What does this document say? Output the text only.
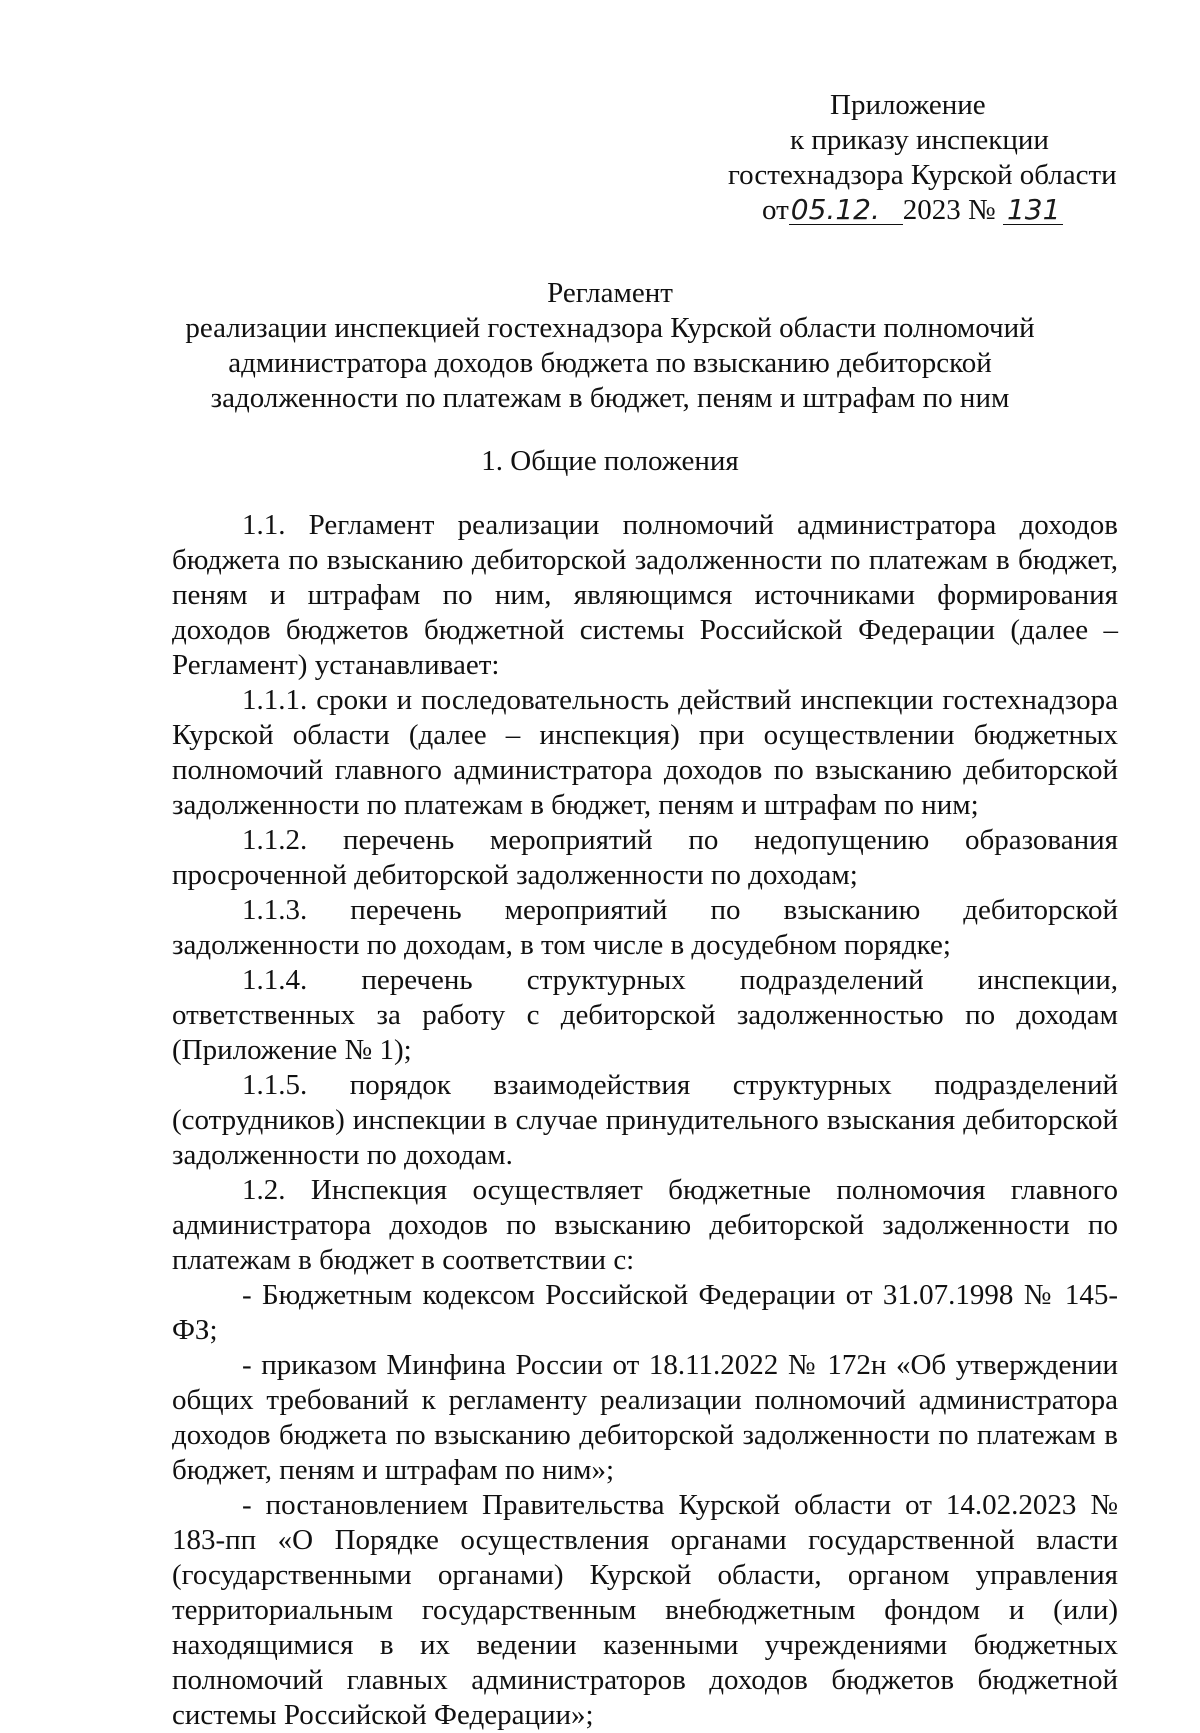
Приложение
к приказу инспекции
гостехнадзора Курской области
от05.12. 2023 № 131
Регламент
реализации инспекцией гостехнадзора Курской области полномочий
администратора доходов бюджета по взысканию дебиторской
задолженности по платежам в бюджет, пеням и штрафам по ним
1. Общие положения

1.1. Регламент реализации полномочий администратора доходов бюджета по взысканию дебиторской задолженности по платежам в бюджет, пеням и штрафам по ним, являющимся источниками формирования доходов бюджетов бюджетной системы Российской Федерации (далее – Регламент) устанавливает:

1.1.1. сроки и последовательность действий инспекции гостехнадзора Курской области (далее – инспекция) при осуществлении бюджетных полномочий главного администратора доходов по взысканию дебиторской задолженности по платежам в бюджет, пеням и штрафам по ним;

1.1.2. перечень мероприятий по недопущению образования просроченной дебиторской задолженности по доходам;

1.1.3. перечень мероприятий по взысканию дебиторской задолженности по доходам, в том числе в досудебном порядке;

1.1.4. перечень структурных подразделений инспекции, ответственных за работу с дебиторской задолженностью по доходам (Приложение № 1);

1.1.5. порядок взаимодействия структурных подразделений (сотрудников) инспекции в случае принудительного взыскания дебиторской задолженности по доходам.

1.2. Инспекция осуществляет бюджетные полномочия главного администратора доходов по взысканию дебиторской задолженности по платежам в бюджет в соответствии с:

- Бюджетным кодексом Российской Федерации от 31.07.1998 № 145-ФЗ;

- приказом Минфина России от 18.11.2022 № 172н «Об утверждении общих требований к регламенту реализации полномочий администратора доходов бюджета по взысканию дебиторской задолженности по платежам в бюджет, пеням и штрафам по ним»;

- постановлением Правительства Курской области от 14.02.2023 № 183-пп «О Порядке осуществления органами государственной власти (государственными органами) Курской области, органом управления территориальным государственным внебюджетным фондом и (или) находящимися в их ведении казенными учреждениями бюджетных полномочий главных администраторов доходов бюджетов бюджетной системы Российской Федерации»;
